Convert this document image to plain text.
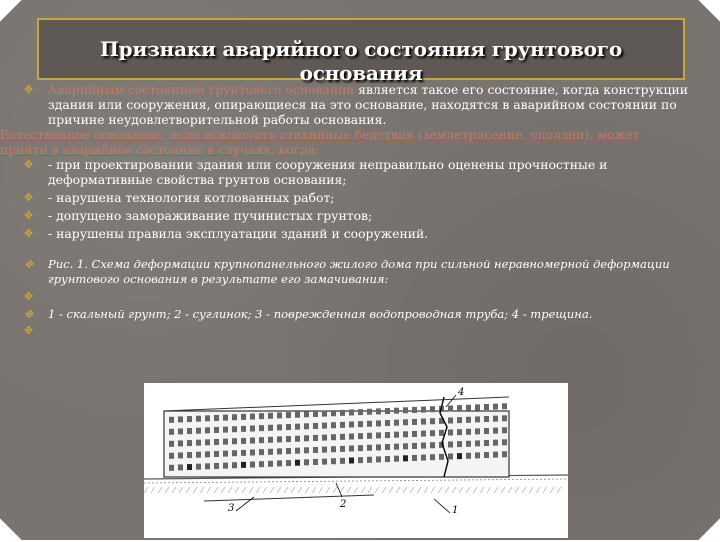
Признаки аварийного состояния грунтового основания
✥ Аварийным состоянием грунтового основания является такое его состояние, когда конструкции здания или сооружения, опирающиеся на это основание, находятся в аварийном состоянии по причине неудовлетворительной работы основания.
Естественное основание, если исключить стихийные бедствия (землетрясение, оползни), может прийти в аварийное состояние в случаях, когда:
✥ - при проектировании здания или сооружения неправильно оценены прочностные и деформативные свойства грунтов основания;
✥ - нарушена технология котлованных работ;
✥ - допущено замораживание пучинистых грунтов;
✥ - нарушены правила эксплуатации зданий и сооружений.
✥ Рис. 1. Схема деформации крупнопанельного жилого дома при сильной неравномерной деформации грунтового основания в результате его замачивания:
✥
✥ 1 - скальный грунт; 2 - суглинок; 3 - поврежденная водопроводная труба; 4 - трещина.
✥
4
3	2
1
